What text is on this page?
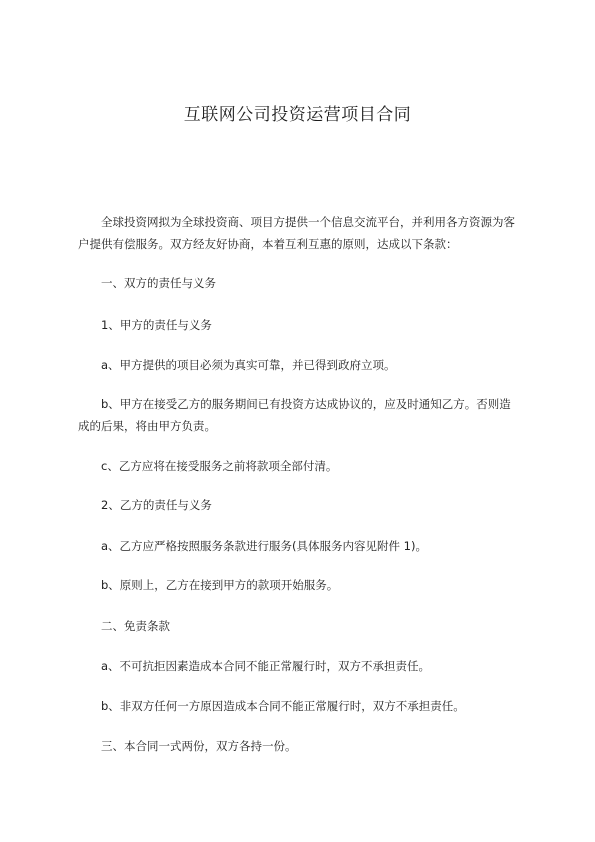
互联网公司投资运营项目合同

全球投资网拟为全球投资商、项目方提供一个信息交流平台，并利用各方资源为客户提供有偿服务。双方经友好协商，本着互利互惠的原则，达成以下条款：

一、双方的责任与义务

1、甲方的责任与义务

a、甲方提供的项目必须为真实可靠，并已得到政府立项。

b、甲方在接受乙方的服务期间已有投资方达成协议的，应及时通知乙方。否则造成的后果，将由甲方负责。

c、乙方应将在接受服务之前将款项全部付清。

2、乙方的责任与义务

a、乙方应严格按照服务条款进行服务(具体服务内容见附件 1)。

b、原则上，乙方在接到甲方的款项开始服务。

二、免责条款

a、不可抗拒因素造成本合同不能正常履行时，双方不承担责任。

b、非双方任何一方原因造成本合同不能正常履行时，双方不承担责任。

三、本合同一式两份，双方各持一份。
